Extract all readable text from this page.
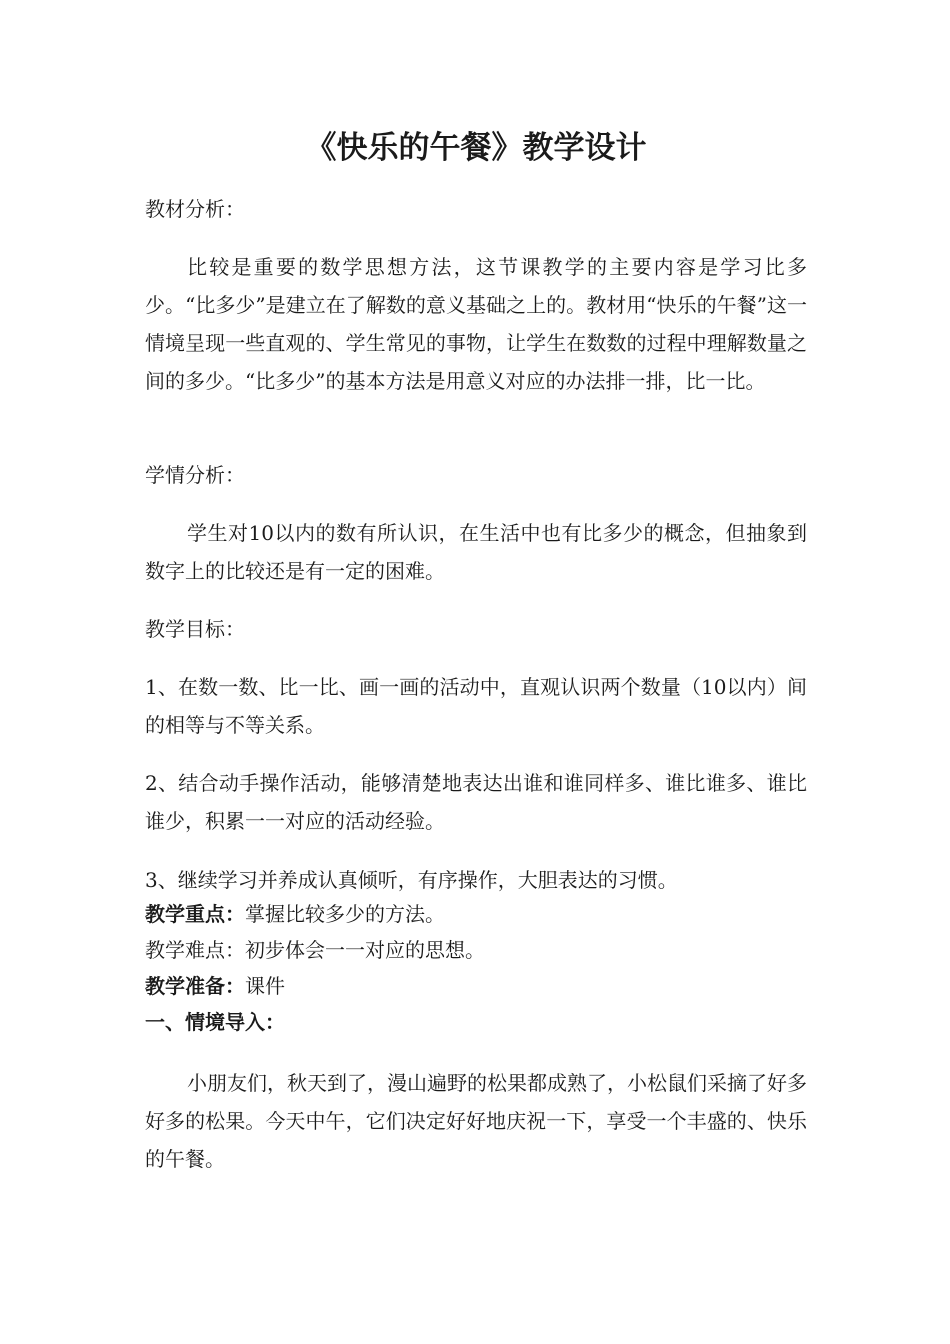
《快乐的午餐》教学设计

教材分析：

比较是重要的数学思想方法，这节课教学的主要内容是学习比多少。“比多少”是建立在了解数的意义基础之上的。教材用“快乐的午餐”这一情境呈现一些直观的、学生常见的事物，让学生在数数的过程中理解数量之间的多少。“比多少”的基本方法是用意义对应的办法排一排，比一比。

学情分析：

学生对10以内的数有所认识，在生活中也有比多少的概念，但抽象到数字上的比较还是有一定的困难。

教学目标：

1、在数一数、比一比、画一画的活动中，直观认识两个数量（10以内）间的相等与不等关系。

2、结合动手操作活动，能够清楚地表达出谁和谁同样多、谁比谁多、谁比谁少，积累一一对应的活动经验。

3、继续学习并养成认真倾听，有序操作，大胆表达的习惯。

教学重点：掌握比较多少的方法。

教学难点：初步体会一一对应的思想。

教学准备：课件

一、情境导入：

小朋友们，秋天到了，漫山遍野的松果都成熟了，小松鼠们采摘了好多好多的松果。今天中午，它们决定好好地庆祝一下，享受一个丰盛的、快乐的午餐。
